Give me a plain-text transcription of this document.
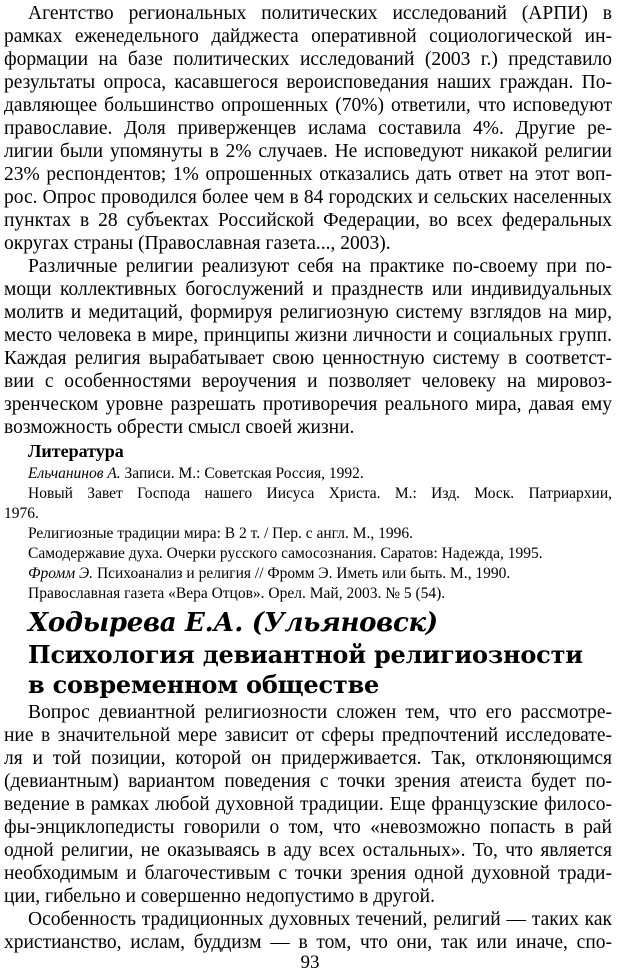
Агентство региональных политических исследований (АРПИ) в
рамках еженедельного дайджеста оперативной социологической ин-
формации на базе политических исследований (2003 г.) представило
результаты опроса, касавшегося вероисповедания наших граждан. По-
давляющее большинство опрошенных (70%) ответили, что исповедуют
православие. Доля приверженцев ислама составила 4%. Другие ре-
лигии были упомянуты в 2% случаев. Не исповедуют никакой религии
23% респондентов; 1% опрошенных отказались дать ответ на этот воп-
рос. Опрос проводился более чем в 84 городских и сельских населенных
пунктах в 28 субъектах Российской Федерации, во всех федеральных
округах страны (Православная газета..., 2003).
Различные религии реализуют себя на практике по-своему при по-
мощи коллективных богослужений и празднеств или индивидуальных
молитв и медитаций, формируя религиозную систему взглядов на мир,
место человека в мире, принципы жизни личности и социальных групп.
Каждая религия вырабатывает свою ценностную систему в соответст-
вии с особенностями вероучения и позволяет человеку на мировоз-
зренческом уровне разрешать противоречия реального мира, давая ему
возможность обрести смысл своей жизни.
Литература
Ельчанинов А. Записи. М.: Советская Россия, 1992.
Новый Завет Господа нашего Иисуса Христа. М.: Изд. Моск. Патриархии,
1976.
Религиозные традиции мира: В 2 т. / Пер. с англ. М., 1996.
Самодержавие духа. Очерки русского самосознания. Саратов: Надежда, 1995.
Фромм Э. Психоанализ и религия // Фромм Э. Иметь или быть. М., 1990.
Православная газета «Вера Отцов». Орел. Май, 2003. № 5 (54).
Ходырева Е.А. (Ульяновск)
Психология девиантной религиозности
в современном обществе
Вопрос девиантной религиозности сложен тем, что его рассмотре-
ние в значительной мере зависит от сферы предпочтений исследовате-
ля и той позиции, которой он придерживается. Так, отклоняющимся
(девиантным) вариантом поведения с точки зрения атеиста будет по-
ведение в рамках любой духовной традиции. Еще французские филосо-
фы-энциклопедисты говорили о том, что «невозможно попасть в рай
одной религии, не оказываясь в аду всех остальных». То, что является
необходимым и благочестивым с точки зрения одной духовной тради-
ции, гибельно и совершенно недопустимо в другой.
Особенность традиционных духовных течений, религий — таких как
христианство, ислам, буддизм — в том, что они, так или иначе, спо-
93
